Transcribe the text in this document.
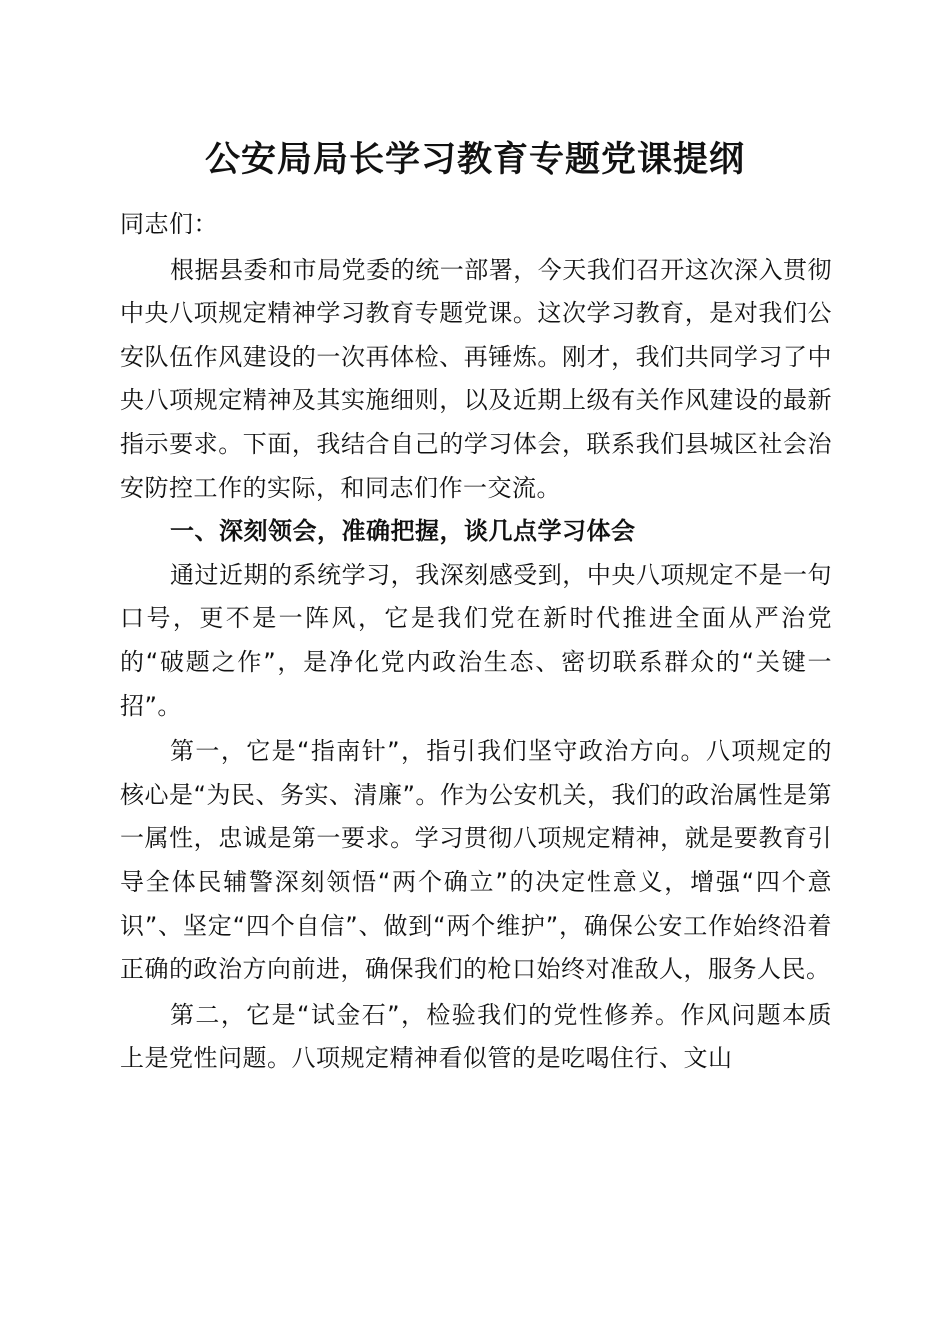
公安局局长学习教育专题党课提纲

同志们：

根据县委和市局党委的统一部署，今天我们召开这次深入贯彻中央八项规定精神学习教育专题党课。这次学习教育，是对我们公安队伍作风建设的一次再体检、再锤炼。刚才，我们共同学习了中央八项规定精神及其实施细则，以及近期上级有关作风建设的最新指示要求。下面，我结合自己的学习体会，联系我们县城区社会治安防控工作的实际，和同志们作一交流。

一、深刻领会，准确把握，谈几点学习体会

通过近期的系统学习，我深刻感受到，中央八项规定不是一句口号，更不是一阵风，它是我们党在新时代推进全面从严治党的“破题之作”，是净化党内政治生态、密切联系群众的“关键一招”。

第一，它是“指南针”，指引我们坚守政治方向。八项规定的核心是“为民、务实、清廉”。作为公安机关，我们的政治属性是第一属性，忠诚是第一要求。学习贯彻八项规定精神，就是要教育引导全体民辅警深刻领悟“两个确立”的决定性意义，增强“四个意识”、坚定“四个自信”、做到“两个维护”，确保公安工作始终沿着正确的政治方向前进，确保我们的枪口始终对准敌人，服务人民。

第二，它是“试金石”，检验我们的党性修养。作风问题本质上是党性问题。八项规定精神看似管的是吃喝住行、文山
